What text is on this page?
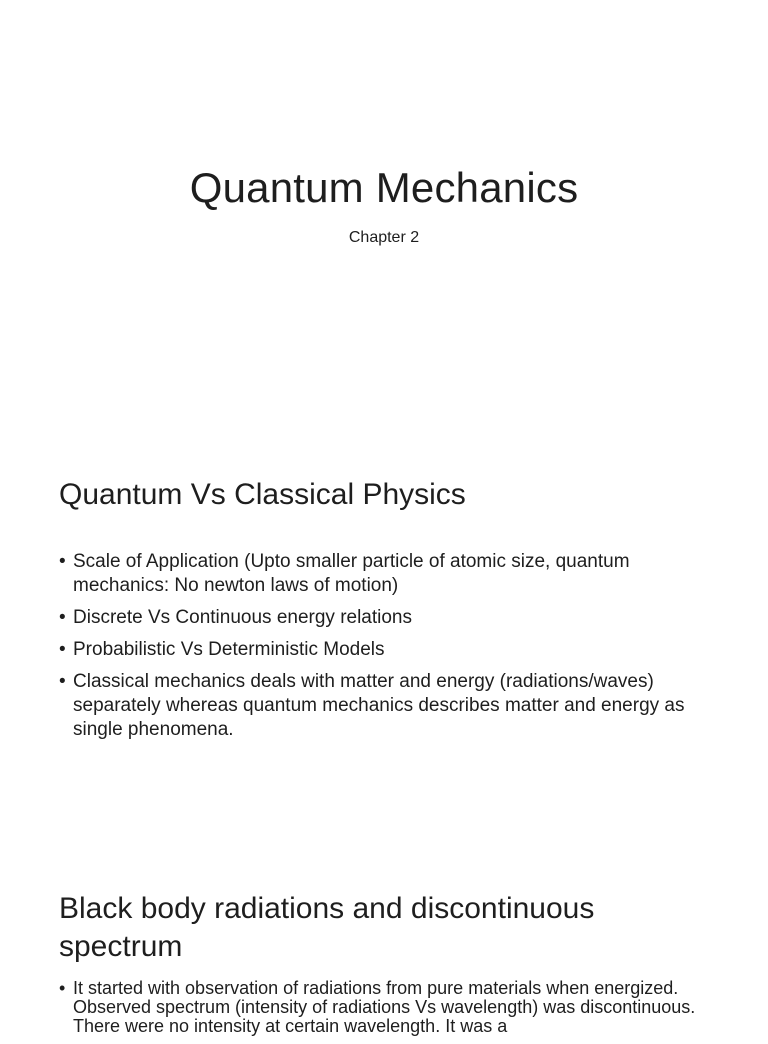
Quantum Mechanics
Chapter 2
Quantum Vs Classical Physics
• Scale of Application (Upto smaller particle of atomic size, quantum mechanics: No newton laws of motion)
• Discrete Vs Continuous energy relations
• Probabilistic Vs Deterministic Models
• Classical mechanics deals with matter and energy (radiations/waves) separately whereas quantum mechanics describes matter and energy as single phenomena.
Black body radiations and discontinuous spectrum
• It started with observation of radiations from pure materials when energized. Observed spectrum (intensity of radiations Vs wavelength) was discontinuous. There were no intensity at certain wavelength. It was a
